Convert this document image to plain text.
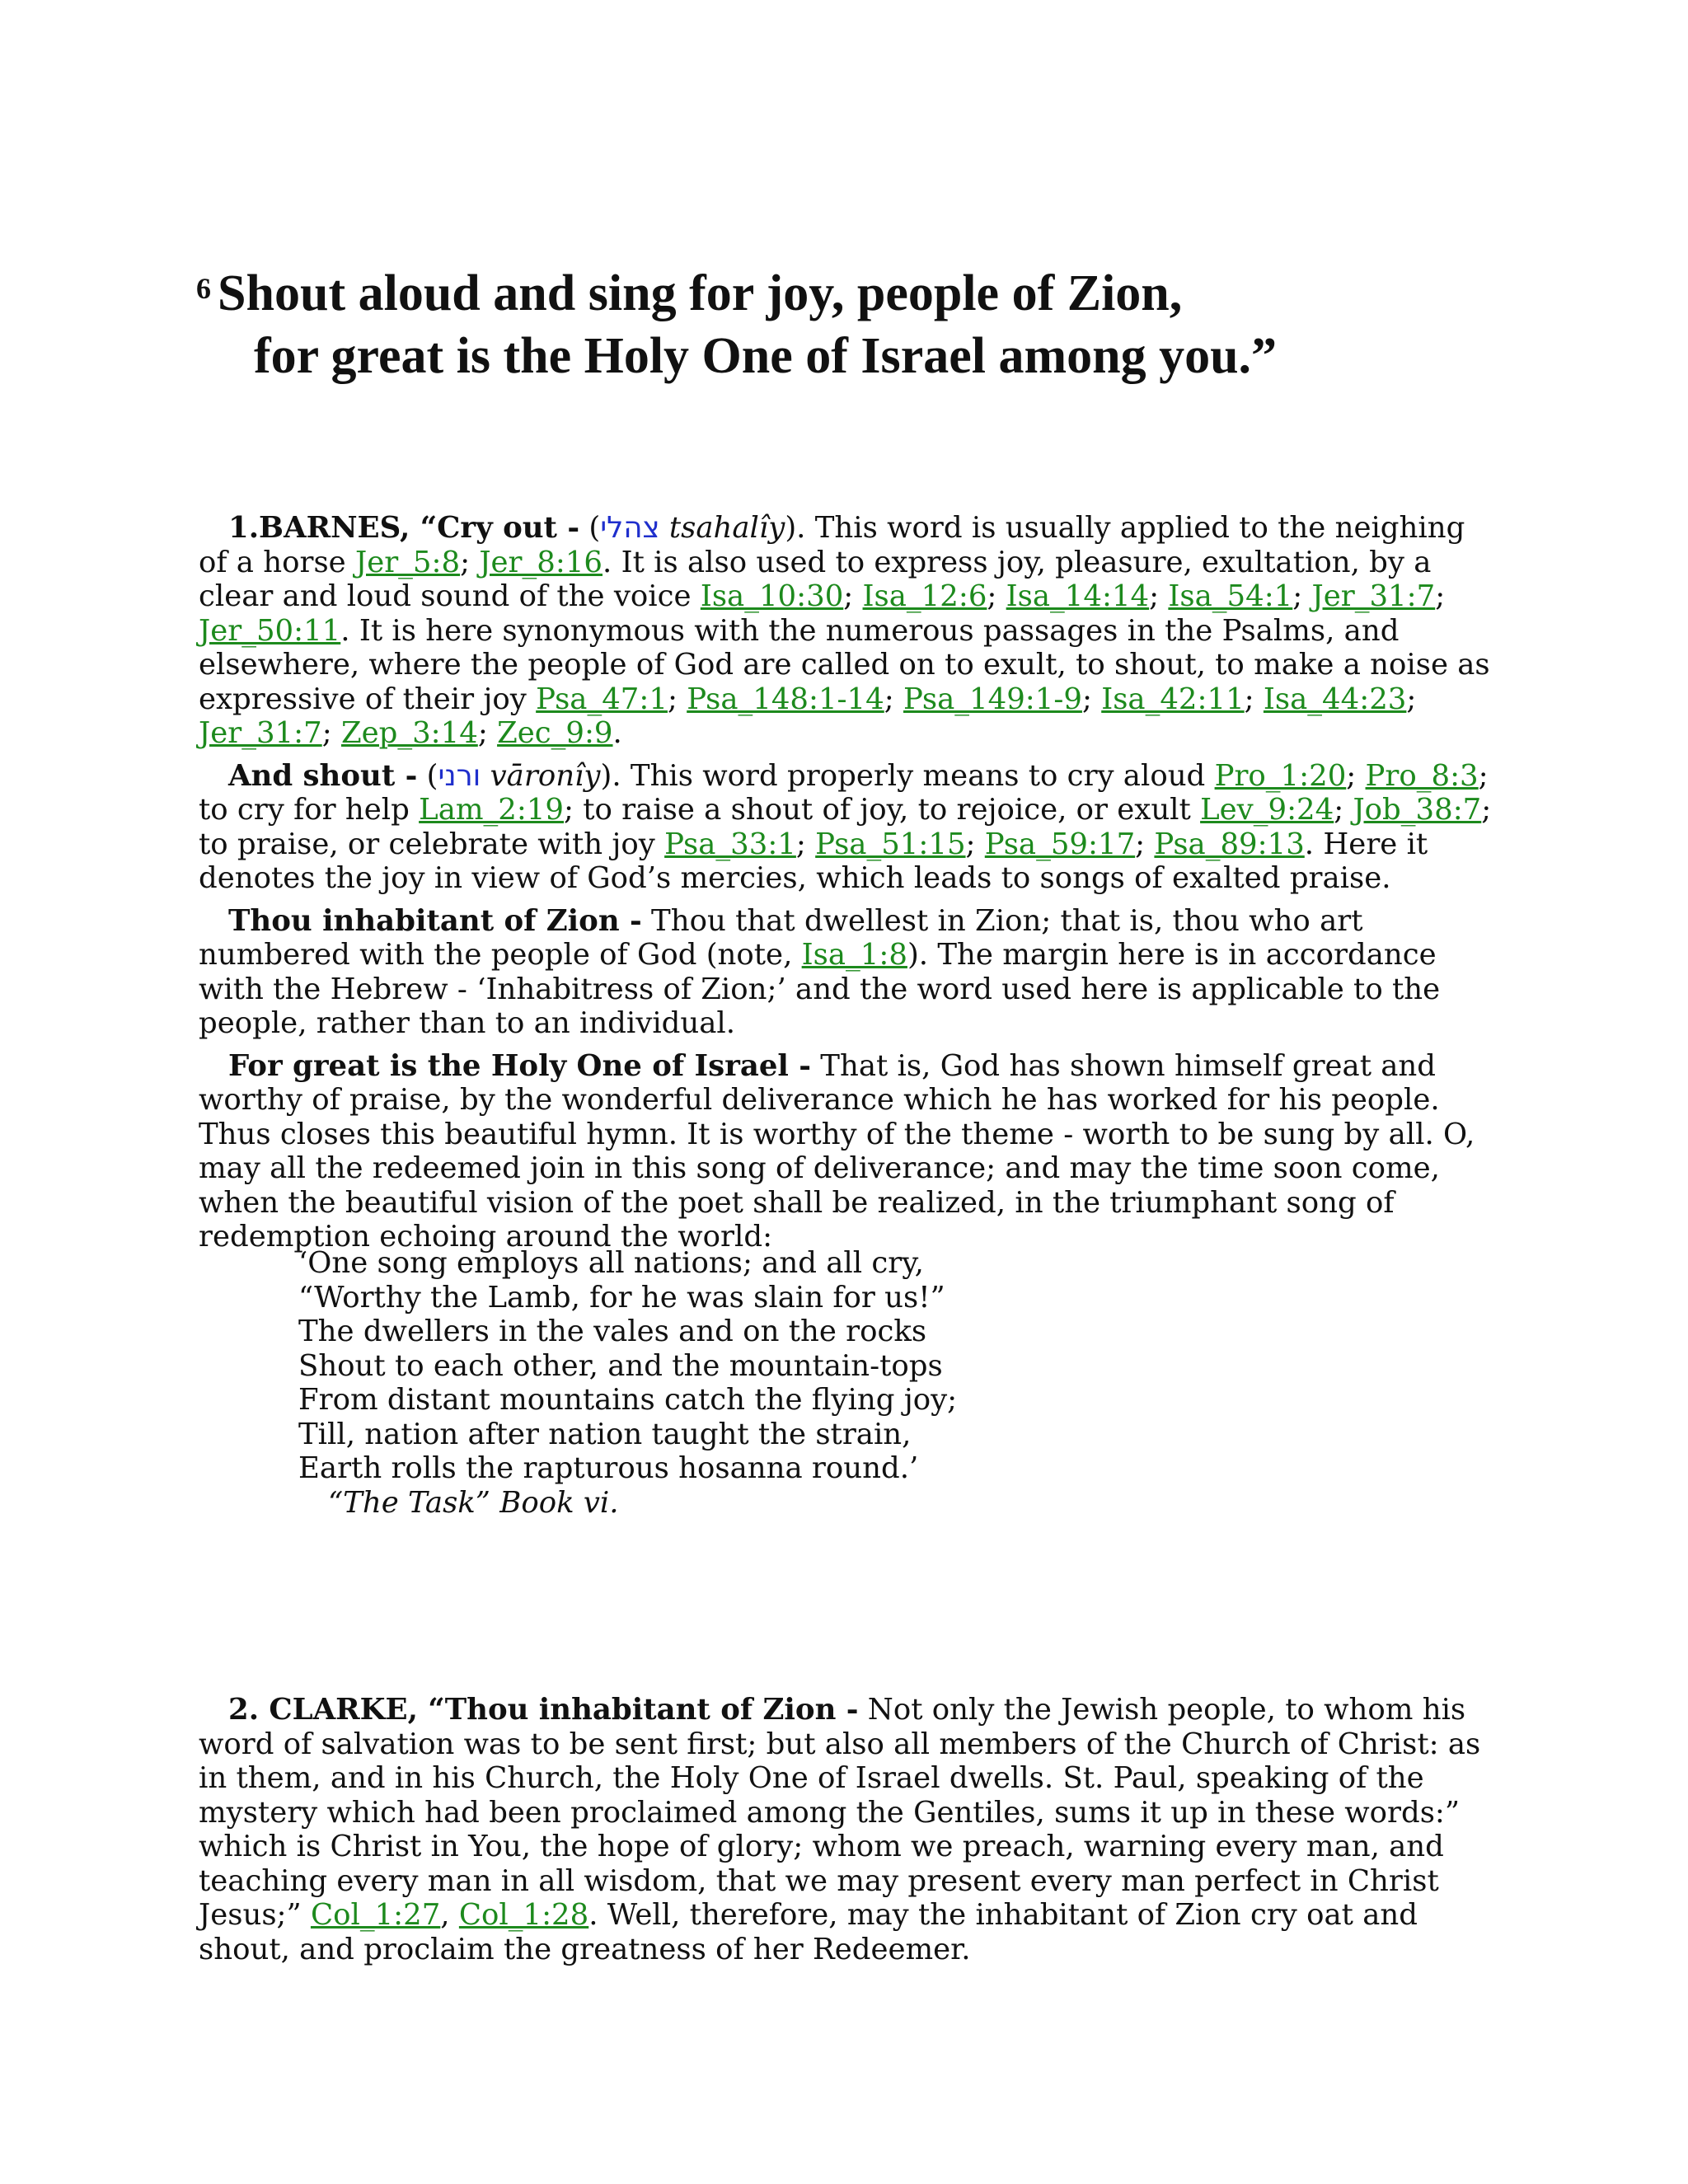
$^6$ Shout aloud and sing for joy, people of Zion,
for great is the Holy One of Israel among you.”

1.BARNES, “Cry out - (צהלי tsahalı̂y). This word is usually applied to the neighing of a horse Jer_5:8; Jer_8:16. It is also used to express joy, pleasure, exultation, by a clear and loud sound of the voice Isa_10:30; Isa_12:6; Isa_14:14; Isa_54:1; Jer_31:7; Jer_50:11. It is here synonymous with the numerous passages in the Psalms, and elsewhere, where the people of God are called on to exult, to shout, to make a noise as expressive of their joy Psa_47:1; Psa_148:1-14; Psa_149:1-9; Isa_42:11; Isa_44:23; Jer_31:7; Zep_3:14; Zec_9:9.

And shout - (ורני vāronı̂y). This word properly means to cry aloud Pro_1:20; Pro_8:3; to cry for help Lam_2:19; to raise a shout of joy, to rejoice, or exult Lev_9:24; Job_38:7; to praise, or celebrate with joy Psa_33:1; Psa_51:15; Psa_59:17; Psa_89:13. Here it denotes the joy in view of God’s mercies, which leads to songs of exalted praise.

Thou inhabitant of Zion - Thou that dwellest in Zion; that is, thou who art numbered with the people of God (note, Isa_1:8). The margin here is in accordance with the Hebrew - ‘Inhabitress of Zion;’ and the word used here is applicable to the people, rather than to an individual.

For great is the Holy One of Israel - That is, God has shown himself great and worthy of praise, by the wonderful deliverance which he has worked for his people. Thus closes this beautiful hymn. It is worthy of the theme - worth to be sung by all. O, may all the redeemed join in this song of deliverance; and may the time soon come, when the beautiful vision of the poet shall be realized, in the triumphant song of redemption echoing around the world:

‘One song employs all nations; and all cry,
“Worthy the Lamb, for he was slain for us!”
The dwellers in the vales and on the rocks
Shout to each other, and the mountain-tops
From distant mountains catch the flying joy;
Till, nation after nation taught the strain,
Earth rolls the rapturous hosanna round.’
“The Task” Book vi.

2. CLARKE, “Thou inhabitant of Zion - Not only the Jewish people, to whom his word of salvation was to be sent first; but also all members of the Church of Christ: as in them, and in his Church, the Holy One of Israel dwells. St. Paul, speaking of the mystery which had been proclaimed among the Gentiles, sums it up in these words:” which is Christ in You, the hope of glory; whom we preach, warning every man, and teaching every man in all wisdom, that we may present every man perfect in Christ Jesus;” Col_1:27, Col_1:28. Well, therefore, may the inhabitant of Zion cry oat and shout, and proclaim the greatness of her Redeemer.
